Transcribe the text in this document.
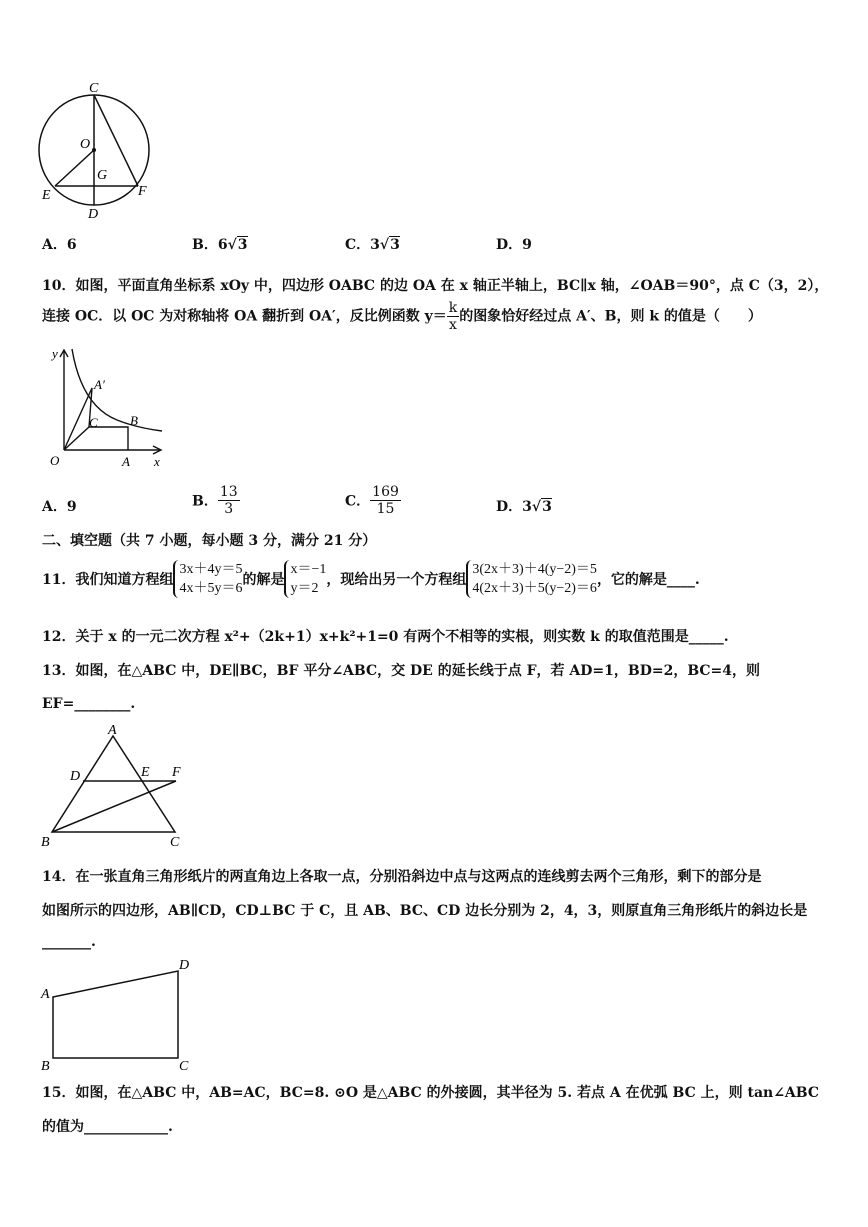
C
O
G
E	F
D
A．6	B．6√3	C．3√3	D．9
10．如图，平面直角坐标系 xOy 中，四边形 OABC 的边 OA 在 x 轴正半轴上，BC∥x 轴，∠OAB＝90°，点 C（3，2），
连接 OC．以 OC 为对称轴将 OA 翻折到 OA′，反比例函数 $y= \frac{k}{x}$ 的图象恰好经过点 A′、B，则 k 的值是（　　）
y
A′
C B
O	A x
A．9	B． $\frac{13}{3}$	C． $\frac{169}{15}$	D．3√3
二、填空题（共 7 小题，每小题 3 分，满分 21 分）
11．我们知道方程组
3x＋4y＝5
4x＋5y＝6
的解是
x＝−1
y＝2
，现给出另一个方程组
3(2x＋3)＋4(y−2)＝5
4(2x＋3)＋5(y−2)＝6
，它的解是____.
12．关于 x 的一元二次方程 x²+（2k+1）x+k²+1=0 有两个不相等的实根，则实数 k 的取值范围是_____.
13．如图，在△ABC 中，DE∥BC，BF 平分∠ABC，交 DE 的延长线于点 F，若 AD=1，BD=2，BC=4，则
EF=________.
A
D	E F
B	C
14．在一张直角三角形纸片的两直角边上各取一点，分别沿斜边中点与这两点的连线剪去两个三角形，剩下的部分是
如图所示的四边形，AB∥CD，CD⊥BC 于 C，且 AB、BC、CD 边长分别为 2，4，3，则原直角三角形纸片的斜边长是
_______.
A
D
B	C
15．如图，在△ABC 中，AB=AC，BC=8. ⊙O 是△ABC 的外接圆，其半径为 5. 若点 A 在优弧 BC 上，则 tan∠ABC
的值为____________.
